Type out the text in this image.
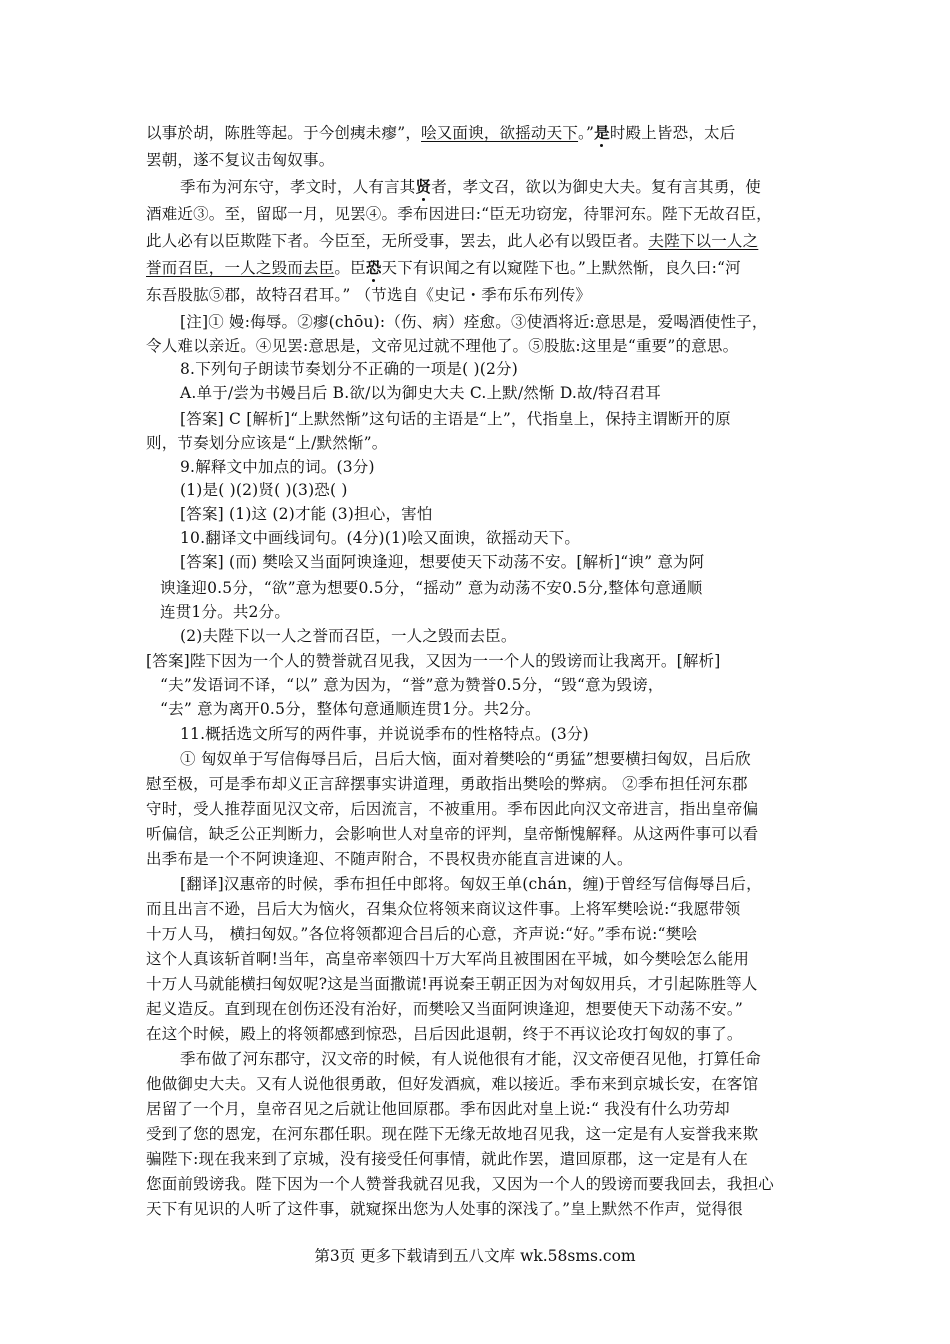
以事於胡，陈胜等起。于今创痍未瘳”，哙又面谀，欲摇动天下。”是时殿上皆恐，太后
罢朝，遂不复议击匈奴事。
季布为河东守，孝文时，人有言其贤者，孝文召，欲以为御史大夫。复有言其勇，使
酒难近③。至，留邸一月，见罢④。季布因进曰:“臣无功窃宠，待罪河东。陛下无故召臣，
此人必有以臣欺陛下者。今臣至，无所受事，罢去，此人必有以毁臣者。夫陛下以一人之
誉而召臣，一人之毁而去臣。臣恐天下有识闻之有以窥陛下也。”上默然惭，良久曰:“河
东吾股肱⑤郡，故特召君耳。” （节选自《史记・季布乐布列传》
[注]① 嫚:侮辱。②瘳(chōu):（伤、病）痊愈。③使酒将近:意思是，爱喝酒使性子，
令人难以亲近。④见罢:意思是，文帝见过就不理他了。⑤股肱:这里是“重要”的意思。
8.下列句子朗读节奏划分不正确的一项是( )(2分)
A.单于/尝为书嫚吕后 B.欲/以为御史大夫 C.上默/然惭 D.故/特召君耳
[答案] C [解析]“上默然惭”这句话的主语是“上”，代指皇上，保持主谓断开的原
则，节奏划分应该是“上/默然惭”。
9.解释文中加点的词。(3分)
(1)是( )(2)贤( )(3)恐( )
[答案] (1)这 (2)才能 (3)担心，害怕
10.翻译文中画线词句。(4分)(1)哙又面谀，欲摇动天下。
[答案] (而) 樊哙又当面阿谀逢迎，想要使天下动荡不安。[解析]“谀” 意为阿
谀逢迎0.5分，“欲”意为想要0.5分，“摇动” 意为动荡不安0.5分,整体句意通顺
连贯1分。共2分。
(2)夫陛下以一人之誉而召臣，一人之毁而去臣。
[答案]陛下因为一个人的赞誉就召见我，又因为一一个人的毁谤而让我离开。[解析]
“夫”发语词不译，“以” 意为因为，“誉”意为赞誉0.5分，“毁“意为毁谤，
“去” 意为离开0.5分，整体句意通顺连贯1分。共2分。
11.概括选文所写的两件事，并说说季布的性格特点。(3分)
① 匈奴单于写信侮辱吕后，吕后大恼，面对着樊哙的“勇猛”想要横扫匈奴，吕后欣
慰至极，可是季布却义正言辞摆事实讲道理，勇敢指出樊哙的弊病。 ②季布担任河东郡
守时，受人推荐面见汉文帝，后因流言，不被重用。季布因此向汉文帝进言，指出皇帝偏
听偏信，缺乏公正判断力，会影响世人对皇帝的评判，皇帝惭愧解释。从这两件事可以看
出季布是一个不阿谀逢迎、不随声附合，不畏权贵亦能直言进谏的人。
[翻译]汉惠帝的时候，季布担任中郎将。匈奴王单(chán，缠)于曾经写信侮辱吕后，
而且出言不逊，吕后大为恼火，召集众位将领来商议这件事。上将军樊哙说:“我愿带领
十万人马， 横扫匈奴。”各位将领都迎合吕后的心意，齐声说:“好。”季布说:“樊哙
这个人真该斩首啊!当年，高皇帝率领四十万大军尚且被围困在平城，如今樊哙怎么能用
十万人马就能横扫匈奴呢?这是当面撒谎!再说秦王朝正因为对匈奴用兵，才引起陈胜等人
起义造反。直到现在创伤还没有治好，而樊哙又当面阿谀逢迎，想要使天下动荡不安。”
在这个时候，殿上的将领都感到惊恐，吕后因此退朝，终于不再议论攻打匈奴的事了。
季布做了河东郡守，汉文帝的时候，有人说他很有才能，汉文帝便召见他，打算任命
他做御史大夫。又有人说他很勇敢，但好发酒疯，难以接近。季布来到京城长安，在客馆
居留了一个月，皇帝召见之后就让他回原郡。季布因此对皇上说:“ 我没有什么功劳却
受到了您的恩宠，在河东郡任职。现在陛下无缘无故地召见我，这一定是有人妄誉我来欺
骗陛下:现在我来到了京城，没有接受任何事情，就此作罢，遣回原郡，这一定是有人在
您面前毁谤我。陛下因为一个人赞誉我就召见我，又因为一个人的毁谤而要我回去，我担心
天下有见识的人听了这件事，就窥探出您为人处事的深浅了。”皇上默然不作声，觉得很
第3页 更多下载请到五八文库 wk.58sms.com
